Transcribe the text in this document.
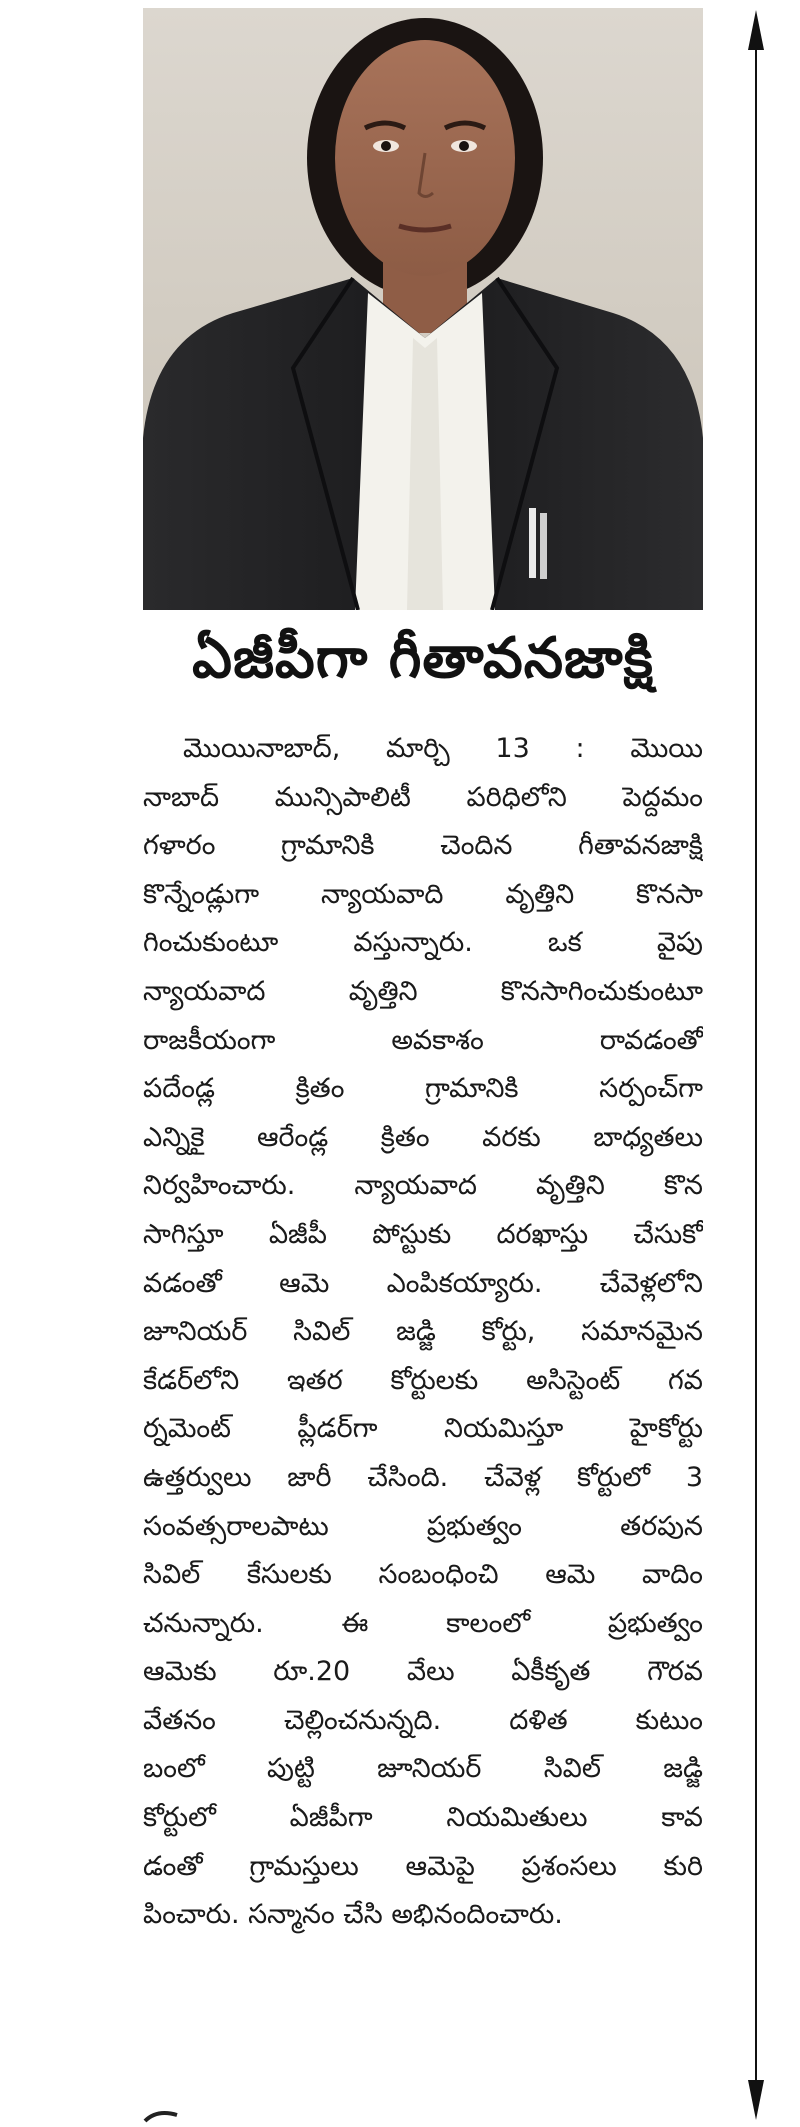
ఏజీపీగా గీతావనజాక్షి
మొయినాబాద్, మార్చి 13 : మొయి
నాబాద్ మున్సిపాలిటీ పరిధిలోని పెద్దమం
గళారం గ్రామానికి చెందిన గీతావనజాక్షి
కొన్నేండ్లుగా న్యాయవాది వృత్తిని కొనసా
గించుకుంటూ వస్తున్నారు. ఒక వైపు
న్యాయవాద వృత్తిని కొనసాగించుకుంటూ
రాజకీయంగా అవకాశం రావడంతో
పదేండ్ల క్రితం గ్రామానికి సర్పంచ్‌గా
ఎన్నికై ఆరేండ్ల క్రితం వరకు బాధ్యతలు
నిర్వహించారు. న్యాయవాద వృత్తిని కొన
సాగిస్తూ ఏజీపీ పోస్టుకు దరఖాస్తు చేసుకో
వడంతో ఆమె ఎంపికయ్యారు. చేవెళ్లలోని
జూనియర్ సివిల్ జడ్జి కోర్టు, సమానమైన
కేడర్‌లోని ఇతర కోర్టులకు అసిస్టెంట్ గవ
ర్నమెంట్ ప్లీడర్‌గా నియమిస్తూ హైకోర్టు
ఉత్తర్వులు జారీ చేసింది. చేవెళ్ల కోర్టులో 3
సంవత్సరాలపాటు ప్రభుత్వం తరపున
సివిల్ కేసులకు సంబంధించి ఆమె వాదిం
చనున్నారు. ఈ కాలంలో ప్రభుత్వం
ఆమెకు రూ.20 వేలు ఏకీకృత గౌరవ
వేతనం చెల్లించనున్నది. దళిత కుటుం
బంలో పుట్టి జూనియర్ సివిల్ జడ్జి
కోర్టులో ఏజీపీగా నియమితులు కావ
డంతో గ్రామస్తులు ఆమెపై ప్రశంసలు కురి
పించారు. సన్మానం చేసి అభినందించారు.
